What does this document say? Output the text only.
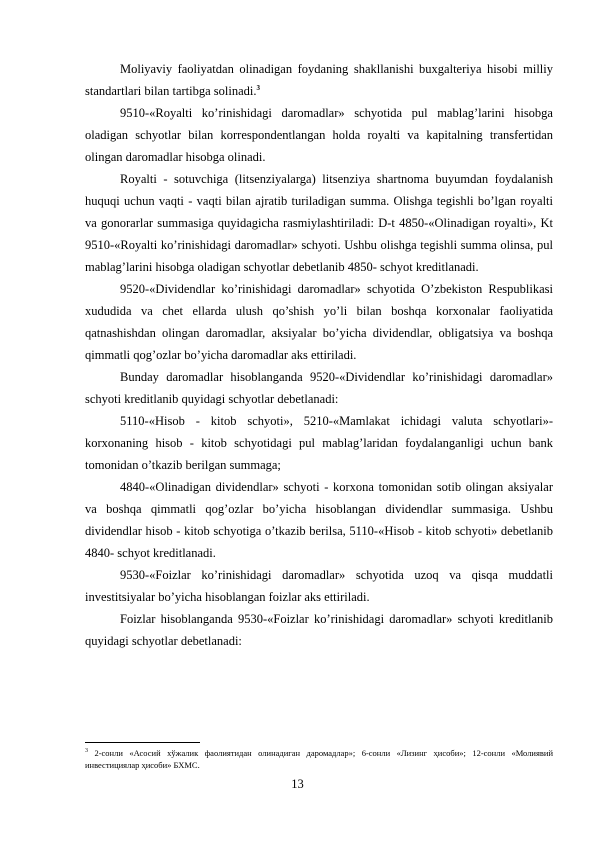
Moliyaviy faoliyatdan olinadigan foydaning shakllanishi buxgalteriya hisobi milliy standartlari bilan tartibga solinadi.$^3$

9510-«Royalti ko’rinishidagi daromadlar» schyotida pul mablag’larini hisobga oladigan schyotlar bilan korrespondentlangan holda royalti va kapitalning transfertidan olingan daromadlar hisobga olinadi.

Royalti - sotuvchiga (litsenziyalarga) litsenziya shartnoma buyumdan foydalanish huquqi uchun vaqti - vaqti bilan ajratib turiladigan summa. Olishga tegishli bo’lgan royalti va gonorarlar summasiga quyidagicha rasmiylashtiriladi: D-t 4850-«Olinadigan royalti», Kt 9510-«Royalti ko’rinishidagi daromadlar» schyoti. Ushbu olishga tegishli summa olinsa, pul mablag’larini hisobga oladigan schyotlar debetlanib 4850- schyot kreditlanadi.

9520-«Dividendlar ko’rinishidagi daromadlar» schyotida O’zbekiston Respublikasi xududida va chet ellarda ulush qo’shish yo’li bilan boshqa korxonalar faoliyatida qatnashishdan olingan daromadlar, aksiyalar bo’yicha dividendlar, obligatsiya va boshqa qimmatli qog’ozlar bo’yicha daromadlar aks ettiriladi.

Bunday daromadlar hisoblanganda 9520-«Dividendlar ko’rinishidagi daromadlar» schyoti kreditlanib quyidagi schyotlar debetlanadi:

5110-«Hisob - kitob schyoti», 5210-«Mamlakat ichidagi valuta schyotlari»- korxonaning hisob - kitob schyotidagi pul mablag’laridan foydalanganligi uchun bank tomonidan o’tkazib berilgan summaga;

4840-«Olinadigan dividendlar» schyoti - korxona tomonidan sotib olingan aksiyalar va boshqa qimmatli qog’ozlar bo’yicha hisoblangan dividendlar summasiga. Ushbu dividendlar hisob - kitob schyotiga o’tkazib berilsa, 5110-«Hisob - kitob schyoti» debetlanib 4840- schyot kreditlanadi.

9530-«Foizlar ko’rinishidagi daromadlar» schyotida uzoq va qisqa muddatli investitsiyalar bo’yicha hisoblangan foizlar aks ettiriladi.

Foizlar hisoblanganda 9530-«Foizlar ko’rinishidagi daromadlar» schyoti kreditlanib quyidagi schyotlar debetlanadi:

$^3$ 2-сонли «Асосий хўжалик фаолиятидан олинадиган даромадлар»; 6-сонли «Лизинг ҳисоби»; 12-сонли «Молиявий инвестициялар ҳисоби» БХМС.
13
